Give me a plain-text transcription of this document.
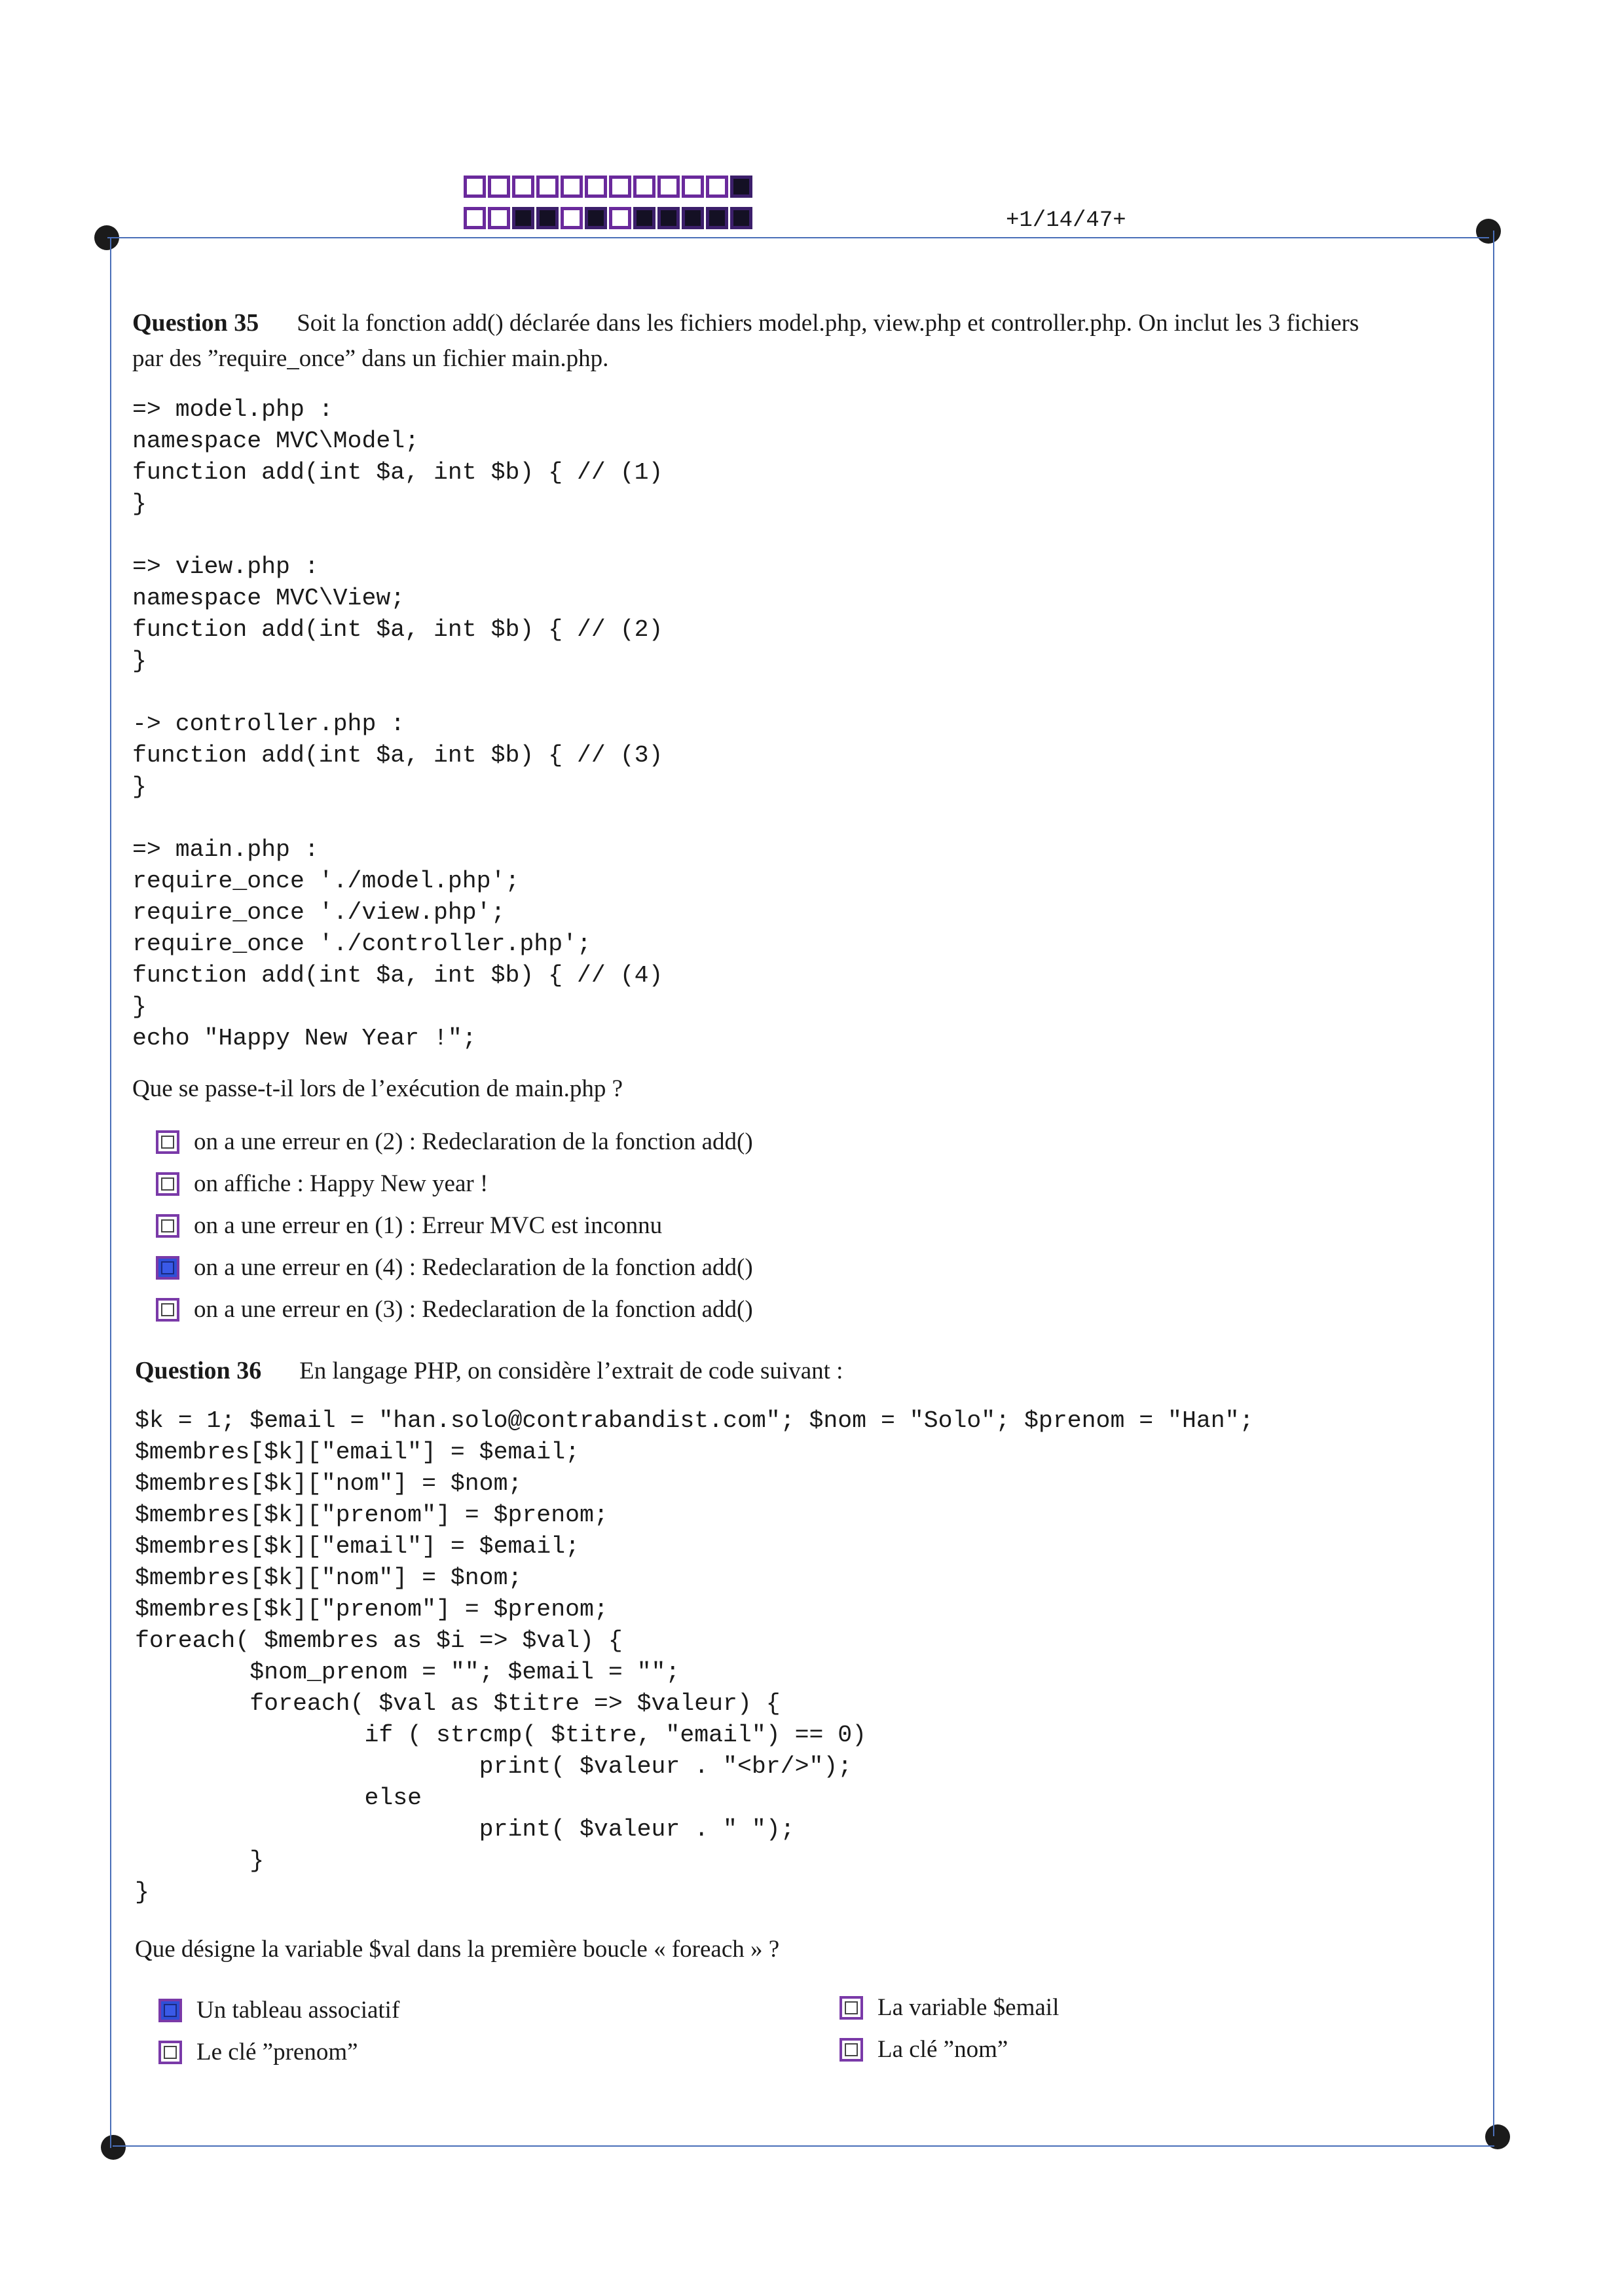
+1/14/47+
Question 35 Soit la fonction add() déclarée dans les fichiers model.php, view.php et controller.php. On inclut les 3 fichiers
par des ”require_once” dans un fichier main.php.
=> model.php :
namespace MVC\Model;
function add(int $a, int $b) { // (1)
}

=> view.php :
namespace MVC\View;
function add(int $a, int $b) { // (2)
}

-> controller.php :
function add(int $a, int $b) { // (3)
}

=> main.php :
require_once './model.php';
require_once './view.php';
require_once './controller.php';
function add(int $a, int $b) { // (4)
}
echo "Happy New Year !";
Que se passe-t-il lors de l’exécution de main.php ?
on a une erreur en (2) : Redeclaration de la fonction add()
on affiche : Happy New year !
on a une erreur en (1) : Erreur MVC est inconnu
on a une erreur en (4) : Redeclaration de la fonction add()
on a une erreur en (3) : Redeclaration de la fonction add()
Question 36 En langage PHP, on considère l’extrait de code suivant :
$k = 1; $email = "han.solo@contrabandist.com"; $nom = "Solo"; $prenom = "Han";
$membres[$k]["email"] = $email;
$membres[$k]["nom"] = $nom;
$membres[$k]["prenom"] = $prenom;
$membres[$k]["email"] = $email;
$membres[$k]["nom"] = $nom;
$membres[$k]["prenom"] = $prenom;
foreach( $membres as $i => $val) {
$nom_prenom = ""; $email = "";
foreach( $val as $titre => $valeur) {
if ( strcmp( $titre, "email") == 0)
print( $valeur . "<br/>");
else
print( $valeur . " ");
}
}
Que désigne la variable $val dans la première boucle « foreach » ?
Un tableau associatif
Le clé ”prenom”
La variable $email
La clé ”nom”
